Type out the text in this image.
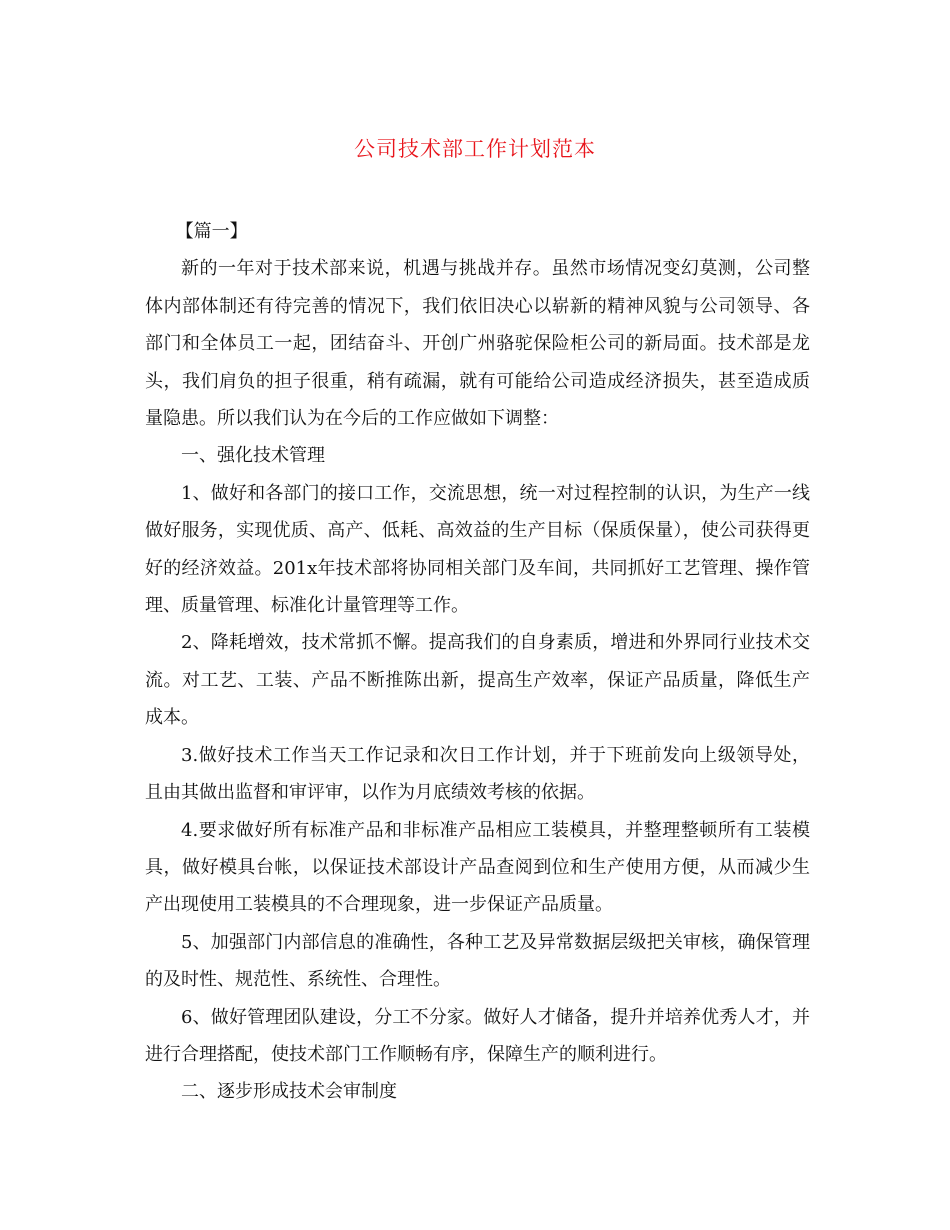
公司技术部工作计划范本

【篇一】

新的一年对于技术部来说，机遇与挑战并存。虽然市场情况变幻莫测，公司整体内部体制还有待完善的情况下，我们依旧决心以崭新的精神风貌与公司领导、各部门和全体员工一起，团结奋斗、开创广州骆驼保险柜公司的新局面。技术部是龙头，我们肩负的担子很重，稍有疏漏，就有可能给公司造成经济损失，甚至造成质量隐患。所以我们认为在今后的工作应做如下调整：

一、强化技术管理

1、做好和各部门的接口工作，交流思想，统一对过程控制的认识，为生产一线做好服务，实现优质、高产、低耗、高效益的生产目标（保质保量），使公司获得更好的经济效益。201x年技术部将协同相关部门及车间，共同抓好工艺管理、操作管理、质量管理、标准化计量管理等工作。

2、降耗增效，技术常抓不懈。提高我们的自身素质，增进和外界同行业技术交流。对工艺、工装、产品不断推陈出新，提高生产效率，保证产品质量，降低生产成本。

3.做好技术工作当天工作记录和次日工作计划，并于下班前发向上级领导处，且由其做出监督和审评审，以作为月底绩效考核的依据。

4.要求做好所有标准产品和非标准产品相应工装模具，并整理整顿所有工装模具，做好模具台帐，以保证技术部设计产品查阅到位和生产使用方便，从而减少生产出现使用工装模具的不合理现象，进一步保证产品质量。

5、加强部门内部信息的准确性，各种工艺及异常数据层级把关审核，确保管理的及时性、规范性、系统性、合理性。

6、做好管理团队建设，分工不分家。做好人才储备，提升并培养优秀人才，并进行合理搭配，使技术部门工作顺畅有序，保障生产的顺利进行。

二、逐步形成技术会审制度
